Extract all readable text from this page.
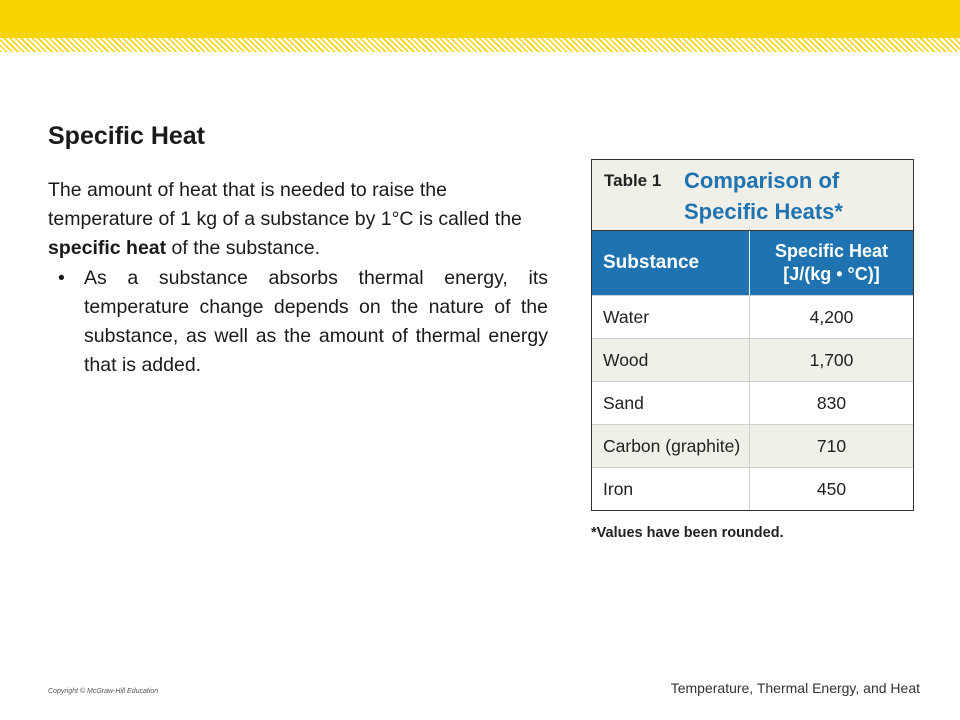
Specific Heat

The amount of heat that is needed to raise the temperature of 1 kg of a substance by 1°C is called the specific heat of the substance.

• As a substance absorbs thermal energy, its temperature change depends on the nature of the substance, as well as the amount of thermal energy that is added.
Table 1 Comparison of Specific Heats*
Substance	Specific Heat
[J/(kg • °C)]
Water	4,200
Wood	1,700
Sand	830
Carbon (graphite)	710
Iron	450
*Values have been rounded.
Copyright © McGraw-Hill Education	Temperature, Thermal Energy, and Heat
